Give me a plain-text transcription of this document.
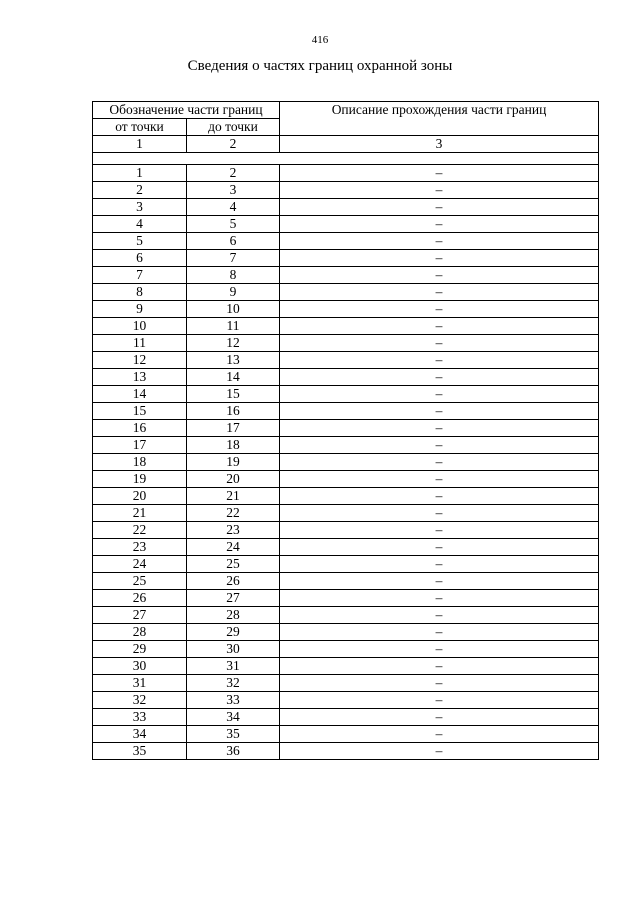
416
Сведения о частях границ охранной зоны
Обозначение части границ		Описание прохождения части границ
от точки	до точки	
1	2	3

1	2	–
2	3	–
3	4	–
4	5	–
5	6	–
6	7	–
7	8	–
8	9	–
9	10	–
10	11	–
11	12	–
12	13	–
13	14	–
14	15	–
15	16	–
16	17	–
17	18	–
18	19	–
19	20	–
20	21	–
21	22	–
22	23	–
23	24	–
24	25	–
25	26	–
26	27	–
27	28	–
28	29	–
29	30	–
30	31	–
31	32	–
32	33	–
33	34	–
34	35	–
35	36	–
